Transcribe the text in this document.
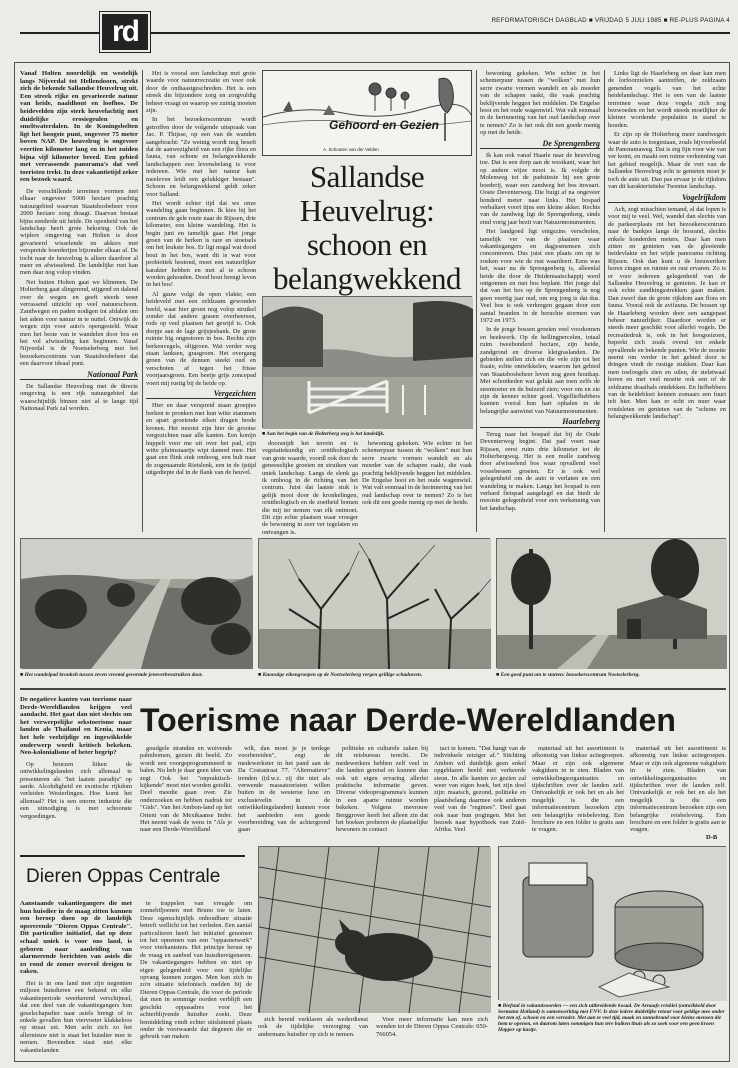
rd	REFORMATORISCH DAGBLAD ■ VRIJDAG 5 JULI 1985 ■ RE-PLUS PAGINA 4
Vanaf Holten noordelijk en westelijk langs Nijverdal tot Hellendoorn, strekt zich de bekende Sallandse Heuvelrug uit. Een streek rijke en gevarieerde natuur van heide, naaldhout en loofhos. De heidevelden zijn sterk heuvelachtig met duidelijke erosiegeulen en smeltwaterdalen. In de Koningsbelten ligt het hoogste punt, ongeveer 75 meter boven NAP. De heuvelrug is ongeveer veertien kilometer lang en in het zuiden bijna vijf kilometer breed. Een gebied met verrassende panorama's dat veel toeristen trekt. In deze vakantietijd zeker een bezoek waard.

De verschillende terreinen vormen met elkaar ongeveer 5000 hectare prachtig natuurgebied waarvan Staatsbosbeheer voor 2000 hectare zorg draagt. Daarvan bestaat bijna eenderde uit heide. De openheid van het landschap heeft grote bekoring. Ook de wijdere omgeving van Holten is door gevarieerd wisselende en akkers met verspreide boerderijen bijzonder elkaar af. De tocht naar de heuvelrug is alleen daardoor al meer en afwisselend. De landelijke rust kan men daar nog volop vinden.

Net buiten Holten gaat we klimmen. De Holterberg gaat slingerend, stijgend en dalend over de wegen en geeft steeds weer verrassend uitzicht op veel natuurschoon. Zandwegen en paden nodigen tot afdalen om het adem voor natuur in te nuttel. Ontwijk de wegen zijn voor auto's opengesteld. Waar men het beste van te wandelen door bos en hei vol afwisseling kan beginnen. Vanaf Nijverdal is de Noetselerberg met het bezoekerscentrum van Staatsbosbeheer dat een daarvoor ideaal punt.

Nationaal Park

De Sallandse Heuvelrug met de directe omgeving is een rijk natuurgebied dat waarschijnlijk binnen niet al te lange tijd Nationaal Park zal worden.

Het is vooral een landschap met grote waarde voor natuurrecreatie en voor ook door de onthaastgeschreden. Het is een streek die bijzondere zorg en zorgvuldig beheer vraagt en waarop we zuinig moeten zijn.

In het bezoekerscentrum wordt getroffen door de volgende uitspraak van Jac. P. Thijsse, op een van de wanden aangebracht: "Ze weinig wordt nog beseft dat de aanwezigheid van een rijke flora en fauna, van schone en belangwekkende landschappen een levensbelang is voor iedereen. Wie met het natuur kan meeleven leidt een gelukkiger bestaan". Schoon en belangwekkend geldt zeker voor Salland.

Het wordt echter tijd dat we onze wandeling gaan beginnen. Ik kies bij het centrum de gele route naar de Rijssen, drie kilometer, een kleine wandeling. Het is begin juni en tamelijk gaar. Het jonge groen van de berken is rare en stoeisels om het leukste bos. Er ligt nogal wat dood hout in het bos, want dit is wat voor probiotiek bestond, moet een natuurlijker karakter hebben en met al te schoon worden gehouden. Dood hout brengt leven in het bos!

Al gauw volgt de open vlakte; een heideveld met een zeldzaam gewonden beeld, waar hier groen nog volop struikel zonder dat andere grasen overheersen, rods op veel plaatsen het gewijd is. Ook dorpje aan de lage grijsjesbank. De grote ruimte hig ongestoren in bos. Rechts zijn berkenvegels, olijgroen. Wat verder weg staan lanksen, grasgroen. Het overgang groen van de dennen steekt oud en verschoten af tegen het frisse voorjaarsgroen. Een beetje grijs zoncepad voert mij rustig bij de heide op.

Vergezichten

Hier en daar verspreid staan groepjes berken te pronken met hun witte stammen en apart groeiende eiken dragen brede kronen. Het mooist zijn hier de grootse vergezichten naar alle kanten. Een konijn huppelt voor me uit over het pad, zijn witte pluimstaartje wipt danned mee. Het gaat een flink stuk omhoog, een bult naar de zogenaamde Rietslenk, een in de ijstijd uitgediepte dal in de flank van de heuvel.

Gehoord en Gezien
A. Schouten van der Velden
Sallandse Heuvelrug: schoon en belangwekkend
■ Aan het begin van de Holterberg weg is het landelijk.

doorsnijdt het terrein en is vegetatiekundig en ornithologisch van grote waarde, voordl ook door de geneeselijke groeien en struiken van uniek landschap. Langs de slenk ga ik omhoog in de richting van het centrum. Juist dat laatste stuk is gelijk mooi door de kronkelingen, ornithologisch en de zoetheid bomen die mij ter nemen van elk ontmoet. Dit zijn echte plaatsen waar vroeger de bewoning in zeer ver tegelaten en ontvangen is.

bewoning gekeken. Wie echter in het schemerpuur tussen de "wolken" met hun serre zwarte vormen wandelt en als moeder van de schapen raakt, die vaak prachtig beklijvende heggen het middelen. De Engelse hooi en het oude wagenwiel. Wat valt eenmaal in de herinnering van het oud landschap over te nemen? Zo is het ook dit een goede menig op met de heide.

bewoning gekeken. Wie echter in het schemerpuur tussen de "wolken" met hun serre zwarte vormen wandelt en als moeder van de schapen raakt, die vaak prachtig beklijvende heggen het middelen. De Engelse hooi en het oude wagenwiel. Wat valt eenmaal in de herinnering van het oud landschap over te nemen? Zo is het ook dit een goede menig op met de heide.

De Sprengenberg

Ik kan ook vanaf Haarle naar de heuvelrug toe. Dat is een dorp aan de westkant, waar het op andere wijze mooi is. Ik volgde de Molenweg tot de padstieste bij een grote boederij, waar een zandweg het bos inwaart. Ooste Deventerweg. Die buigt af na ongeveer honderd meter naar links. Het bospad verbaltavt voort tijns een kleine akker. Rechts van de zandweg ligt de Sprengenberg, sinds eind vorig jaar bezit van Natuurmonumenten.

Het landgoed ligt enigszins verscholen, tamelijk ver van de plaatsen waar vakantiegangers en dagjesmensen zich concentreren. Dus juist een plaats om op te zoeken voor wie de rust waardeert. Eens was het, waar nu de Sprengenberg is, alleenlal heide die door de Heidemaatschappij werd ontgonnen en met bos beplant. Het jonge dal dat van het bos op de Sprengenberg is nog geen veertig jaar oud, om erg jong is dat dus. Veel bos is ook verkregen gegaan door een aantal branden in de beruchte stormen van 1972 en 1973.

In de jonge bossen groeien veel voorkomen en beekwerk. Op de hellingpercelen, totaal ruim tweehonderd hectare, zijn heide, zandgrond en diverse kleigraslanden. De gebieden stellen zich en die vele zijn tot het fraaie, echte ontwikkelen, waarom het gebied van Staatsbosbeheer leven nog geen houtkap. Met schonheden wat gelukt aan toen zelfs de steentoeter en de buizerd zien; voor om en zie zijn de kenner echter goed. Vogelliefhebbers kunnen vooral hun hart ophalen in de belangrijke aanwinst van Natuurmonumenten.

Haarleberg

Terug naar het bospad dat bij de Oude Deventerweg begint. Dat pad voert naar Rijssen, eerst ruim drie kilometer tot de Holterbergweg. Het is een mulle zandweg door afwisselend bos waar opvallend veel vossebessen groeien. Er is ook wel gelegenheid om de auto te verlaten en een wandeling te maken. Langs het bospad is een verhard fietspad aangelegd en dat biedt de mooiste gelegenheid voor een verkenning van het landschap.

Links ligt de Haarleberg en daar kan men de lorfoorzielers aantreffen, de zeldzaam genenden vogels van het echte heidelandschap. Het is een van de laatste terreinen waar deze vogels zich nog bezwoeden en het wordt steeds moeilijker de kleiner wordende populaties in stand te houden.

Er zijn op de Holterberg meer zandwegen waar de auto is toegestaan, zoals bijvoorbeeld de Panoramaweg. Dat is erg fijn voor wie van ver komt, en maakt een ruime verkenning van het gebied mogelijk. Maar de vert van de Sallandse Heuvelrug echt te genieten moet je toch de auto uit. Dan pas ervaar je de rijkdom van dit karakteristieke Twentse landschap.

Vogelrijkdom

Ach, zegt misschien iemand, al dat lopen is voor mij te veel. Wel, wandel dan slechts van de parkeerplaats rnt het bezoekerscentrum naar de bankjes langs de bosrand, slechts enkele honderden meters. Daar kan men zitten en genieten van de glooiende heidevlakte en het wijde panorama richting Rijssen. Ook dan kunt u de leeuweriken horen zingen en ruimte en rust ervaren. Zo is er voor iedereen gelegenheid van de Sallandse Heuvelrug te genieten. Je kan er ook echte zandkingsstrekken gaan maken. Dan zwerf dan de grote rijkdom aan flora en fauna. Vooral ook de avifauna. De bossen op de Haarleberg worden door een aangepast beheer natuurlijker. Daardoor worden er steeds meer geschikt voor allerlei vogels. De recreatiedruk is, ook in het hoogseizoen, beperkt zich zoals overal tot enkele opvallende en bekende punten. Wie de moeite neemt om verder in het gebied door te dringen vindt de rustige stukken. Daar kan men toeloogels zien en uilen, de steletwaal horen en met veel moeite ook een of de zeldzame draaihals ontdekken. En liefhebbers van de heidebloei kennen zomaars een fuuri telt hier. Men kan er echt en nuer waar rondsleten en genieten van de "schone en belangwekkende landschap".

■ Het wandelpad kronkelt tussen zeven vreemd gevormde jeneverbesstruiken door.	■ Knoestige eikengroepen op de Noetselerberg vergen grillige schaduwen.	■ Een goed punt om te starten: bezoekerscentrum Noetselerberg.
De negatieve kanten van toerisme naar Derde-Wereldlanden krijgen veel aandacht. Het gaat dan niet slechts om het verwerpelijke sekstoerisme naar landen als Thailand en Kenia, maar het hele veelzijdige en ingewikkelde onderwerp wordt kritisch bekeken. Neo-kolonialisme of beter begrip?

Op beurzen liiken de ontwikkelingslanden zich allemaal te presenteren als "het laatste paradijs" op aarde. Alcohdigheid en exotische rijkdom verleiden Westerlingen. Hoe komt het allemaal? Het is een enorm industrie die een uitnodiging is met schoonste vergoedingen.

Toerisme naar Derde-Wereldlanden

goudgele stranden en wuivende palmbomen, gezien dit beeld. Zo wordt een voorgeprogrammeerd te halen. Nu heb je daar geen idee van zegt Ook het "onpraktisch-kijkende" moet niet worden getolkt. Deel meedie gaan over. Zie onderzoeken en hebben nadruk tot "Gids". Van het Ambon-land op het Orient van de Mexikaanse Inder. Het neemt vaak de wens in "Als je naar een Derde-Wereldland

wilt, dan moet je je terdege voorbereiden", zegt de medewerkster in het pand aan de Da Costastraat 77. "Alternatieve" trenden ((d.w.z. zij die niet als verwende massatoeristen willen buiten in de westerse luxe en exclusievelin in de ontwikkelingslanden) kunnen voor het aanbieden een goede voorbereiding van de achtergrond gaan

politieke en culturele zaken bij dit reisbureau terecht. De medewerkers hebben zelf veel in die landen gereisd en kunnen dan ook uit eigen ervaring allerlei praktische informatie geven. Diverse videoprogramma's kunnen in een aparte ruimte worden bekeken. Volgens mevrouw Berggrover heeft het alleen zin dat het boeken proberen de plaatselijke bewoners in contact

tact te komen. "Dat hangt van de individuele reiziger af." Stichting Ambon wil duidelijk geen enkel opgeblazen beeld met verkeerde steun. In alle kanten zo gezien zal weer van eigen hoek, het zijn doel zijn: maatsch, gezond, politieke en plaatsbelang daarmee ook anderen veel van de "regimes". Deel gaat ook naar hun pogingen. Met het bezoek naar hypotheek van Zuid-Afrika. Veel

materiaal uit het assortiment is afkomstig van linkse actiegroepen. Maar er zijn ook algemene vakgidsen in te zien. Bladen van ontwikkelingsorganisaties en tijdschriften over de landen zelf. Ontvankelijk er ook het en als het mogelijk is die een informatiecentrum bezoeken zijn een belangrijke reisbeleving. Een brochure en een folder is gratis aan te vragen.

materiaal uit het assortiment is afkomstig van linkse actiegroepen. Maar er zijn ook algemene vakgidsen in te zien. Bladen van ontwikkelingsorganisaties en tijdschriften over de landen zelf. Ontvankelijk er ook het en als het mogelijk is die een informatiecentrum bezoeken zijn een belangrijke reisbeleving. Een brochure en een folder is gratis aan te vragen.

D-B
Dieren Oppas Centrale
Aanstaande vakantiegangers die met hun huisdier in de maag zitten kunnen een beroep doen op de landelijk opererende "Dieren Oppas Centrale". Dit particulier initiatief, dat op deze schaal uniek is voor ons land, is geboren naar aanleiding van alarmerende berichten van asiels die zo rond de zomer overvol dreigen te raken.

Het is in ons land met zijn negentien miljoen huisdieren een bekend en elke vakantieperiode weerkerend verschijnsel, dat een deel van de vakantiegangers hun geselschapsdier naar asiels brengt of in enkele gevallen hun viervoeter klakkeloos op straat zet. Men acht zich zo het allernieuw niet is staat het huisdier mee te nemen. Bovendien staat niet elke vakantielanden

te trappelen van vreugde om zonnebiljoenen met Bruno toe te laten. Deze ogenschijnlijk onhoudbare situatie betreft wellicht tot het verleden. Een aantal particulieren heeft het initiatief genomen tot het opnemen van een "oppasnetwerk" voor vierkantsters. Het principe berust op de vraag en aanbod van huisdiereigenaren. De vakantiegangers hebben en niet op eigen gelegenheid voor een tijdelijke opvang kunnen zorgen. Men kan zich in zo'n situatie telefonisch melden bij de Dieren Oppas Centrale, die voor de periode dat men in sommige oorden verblijft een geschikt oppasadres voor het achterblijvende huisdier zoekt. Deze bemiddeling vindt echter uitsluitend plaats onder de voorwaarde dat degenen die er gebruik van maken

zich bereid verklaren als wederdienst ook de tijdelijke verzorging van andermans huisdier op zich te nemen.

Voor meer informatie kan men zich wenden tot de Dieren Oppas Centrale: 050-766054.

■ Biefstal in vakantieoorden — een zich uitbreidende kwaal. De Arnaafe reisklei (ontwikkeld door Seemann Holland) is samenwerking met FNV: Is deze iedere duidelijke retour voor geldige mee onder het tem of, schoon en een verrader. Met aan te veel tijd, maak en zonnebrand voor kleine mensen die hem te openen, en daarom laten sommigen hun tere buiken thuis als zo zoek voor een geen kroen Hopper op kastje.
